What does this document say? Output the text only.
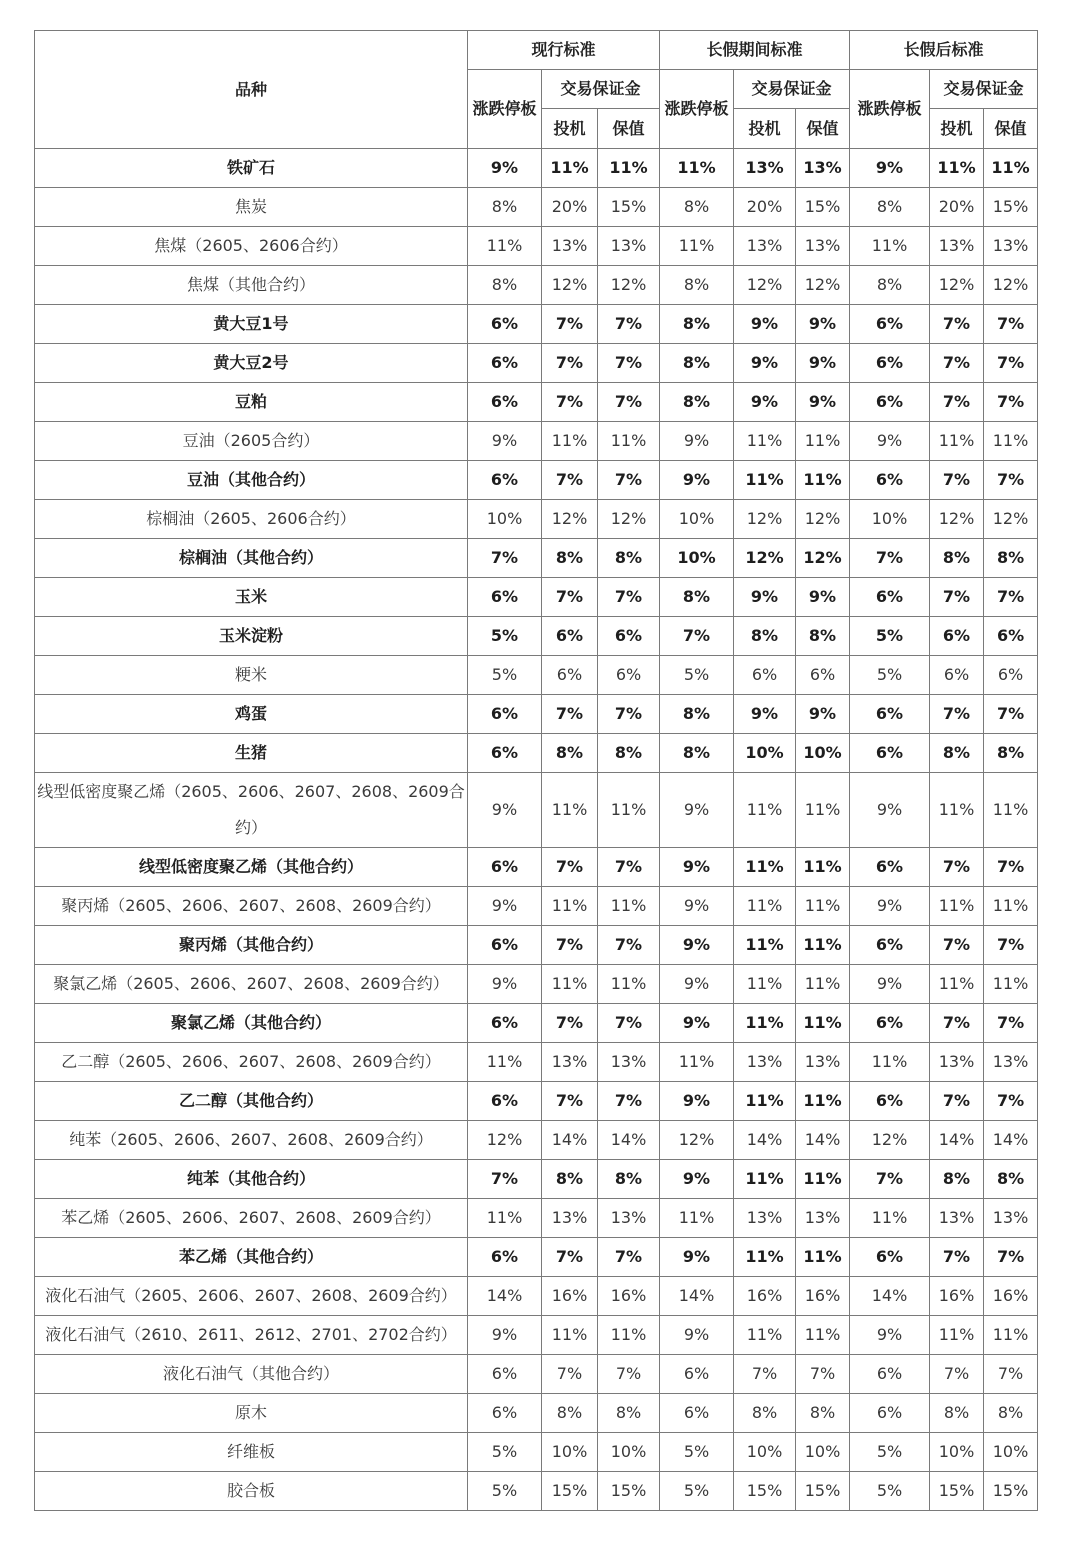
品种	现行标准			长假期间标准			长假后标准		
	涨跌停板	交易保证金		涨跌停板	交易保证金		涨跌停板	交易保证金	
		投机	保值		投机	保值		投机	保值
铁矿石	9%	11%	11%	11%	13%	13%	9%	11%	11%
焦炭	8%	20%	15%	8%	20%	15%	8%	20%	15%
焦煤（2605、2606合约）	11%	13%	13%	11%	13%	13%	11%	13%	13%
焦煤（其他合约）	8%	12%	12%	8%	12%	12%	8%	12%	12%
黄大豆1号	6%	7%	7%	8%	9%	9%	6%	7%	7%
黄大豆2号	6%	7%	7%	8%	9%	9%	6%	7%	7%
豆粕	6%	7%	7%	8%	9%	9%	6%	7%	7%
豆油（2605合约）	9%	11%	11%	9%	11%	11%	9%	11%	11%
豆油（其他合约）	6%	7%	7%	9%	11%	11%	6%	7%	7%
棕榈油（2605、2606合约）	10%	12%	12%	10%	12%	12%	10%	12%	12%
棕榈油（其他合约）	7%	8%	8%	10%	12%	12%	7%	8%	8%
玉米	6%	7%	7%	8%	9%	9%	6%	7%	7%
玉米淀粉	5%	6%	6%	7%	8%	8%	5%	6%	6%
粳米	5%	6%	6%	5%	6%	6%	5%	6%	6%
鸡蛋	6%	7%	7%	8%	9%	9%	6%	7%	7%
生猪	6%	8%	8%	8%	10%	10%	6%	8%	8%
线型低密度聚乙烯（2605、2606、2607、2608、2609合约）	9%	11%	11%	9%	11%	11%	9%	11%	11%
线型低密度聚乙烯（其他合约）	6%	7%	7%	9%	11%	11%	6%	7%	7%
聚丙烯（2605、2606、2607、2608、2609合约）	9%	11%	11%	9%	11%	11%	9%	11%	11%
聚丙烯（其他合约）	6%	7%	7%	9%	11%	11%	6%	7%	7%
聚氯乙烯（2605、2606、2607、2608、2609合约）	9%	11%	11%	9%	11%	11%	9%	11%	11%
聚氯乙烯（其他合约）	6%	7%	7%	9%	11%	11%	6%	7%	7%
乙二醇（2605、2606、2607、2608、2609合约）	11%	13%	13%	11%	13%	13%	11%	13%	13%
乙二醇（其他合约）	6%	7%	7%	9%	11%	11%	6%	7%	7%
纯苯（2605、2606、2607、2608、2609合约）	12%	14%	14%	12%	14%	14%	12%	14%	14%
纯苯（其他合约）	7%	8%	8%	9%	11%	11%	7%	8%	8%
苯乙烯（2605、2606、2607、2608、2609合约）	11%	13%	13%	11%	13%	13%	11%	13%	13%
苯乙烯（其他合约）	6%	7%	7%	9%	11%	11%	6%	7%	7%
液化石油气（2605、2606、2607、2608、2609合约）	14%	16%	16%	14%	16%	16%	14%	16%	16%
液化石油气（2610、2611、2612、2701、2702合约）	9%	11%	11%	9%	11%	11%	9%	11%	11%
液化石油气（其他合约）	6%	7%	7%	6%	7%	7%	6%	7%	7%
原木	6%	8%	8%	6%	8%	8%	6%	8%	8%
纤维板	5%	10%	10%	5%	10%	10%	5%	10%	10%
胶合板	5%	15%	15%	5%	15%	15%	5%	15%	15%
